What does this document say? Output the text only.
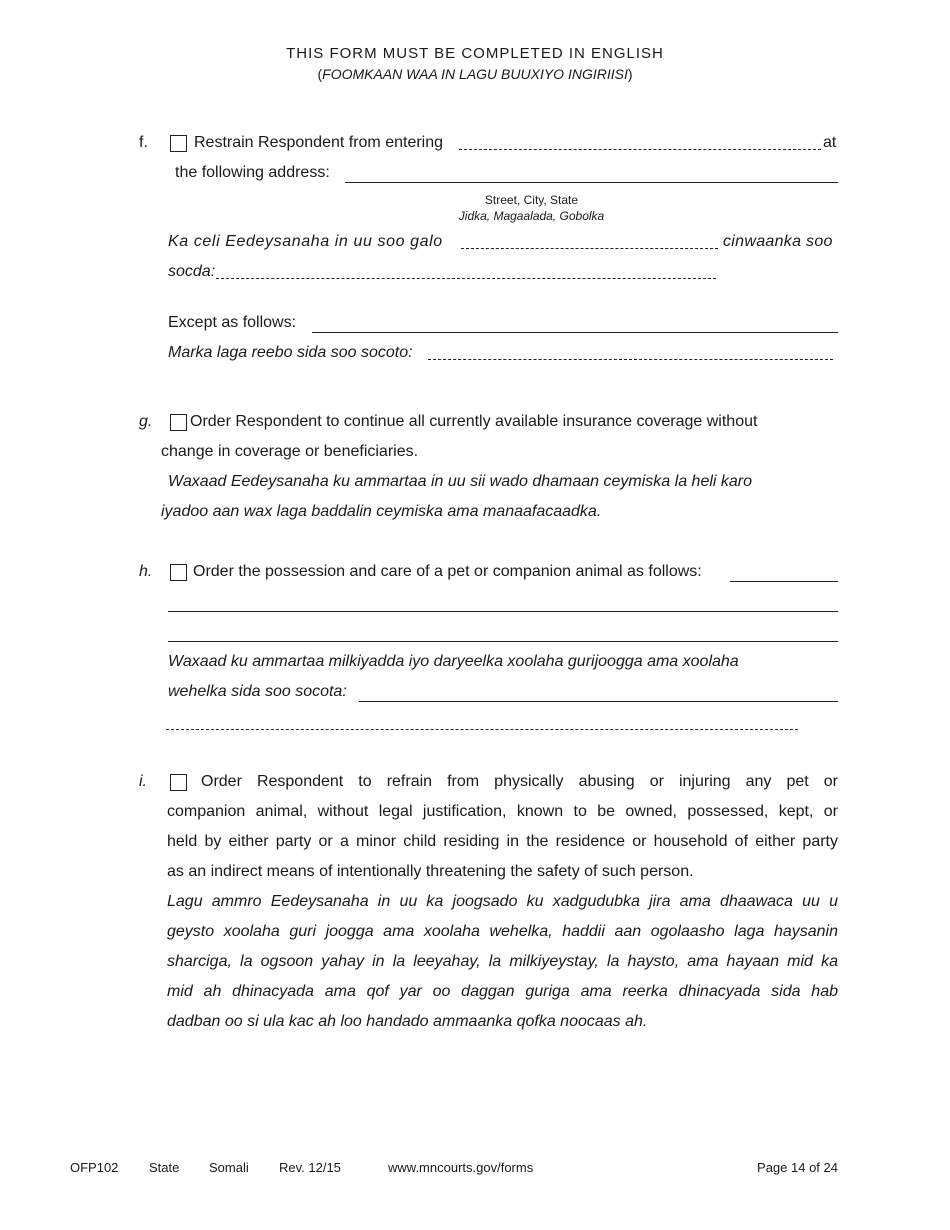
THIS FORM MUST BE COMPLETED IN ENGLISH
(FOOMKAAN WAA IN LAGU BUUXIYO INGIRIISI)
f.	Restrain Respondent from entering	at
the following address:
Street, City, State
Jidka, Magaalada, Gobolka
Ka celi Eedeysanaha in uu soo galo	cinwaanka soo
socda:
Except as follows:
Marka laga reebo sida soo socoto:
g. Order Respondent to continue all currently available insurance coverage without
change in coverage or beneficiaries.
Waxaad Eedeysanaha ku ammartaa in uu sii wado dhamaan ceymiska la heli karo
iyadoo aan wax laga baddalin ceymiska ama manaafacaadka.
h.	Order the possession and care of a pet or companion animal as follows:
Waxaad ku ammartaa milkiyadda iyo daryeelka xoolaha gurijoogga ama xoolaha
wehelka sida soo socota:
i.	Order Respondent to refrain from physically abusing or injuring any pet or
companion animal, without legal justification, known to be owned, possessed, kept, or
held by either party or a minor child residing in the residence or household of either party
as an indirect means of intentionally threatening the safety of such person.
Lagu ammro Eedeysanaha in uu ka joogsado ku xadgudubka jira ama dhaawaca uu u
geysto xoolaha guri joogga ama xoolaha wehelka, haddii aan ogolaasho laga haysanin
sharciga, la ogsoon yahay in la leeyahay, la milkiyeystay, la haysto, ama hayaan mid ka
mid ah dhinacyada ama qof yar oo daggan guriga ama reerka dhinacyada sida hab
dadban oo si ula kac ah loo handado ammaanka qofka noocaas ah.
OFP102 State Somali Rev. 12/15	www.mncourts.gov/forms	Page 14 of 24
